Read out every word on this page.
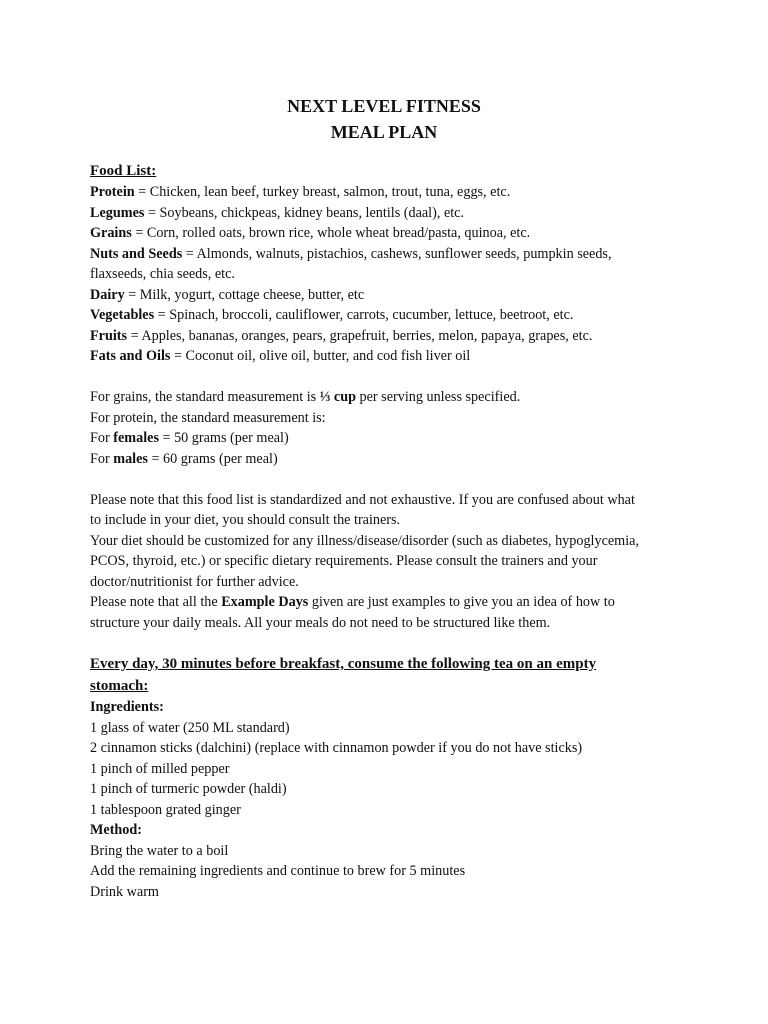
NEXT LEVEL FITNESS
MEAL PLAN
Food List:
Protein = Chicken, lean beef, turkey breast, salmon, trout, tuna, eggs, etc.
Legumes = Soybeans, chickpeas, kidney beans, lentils (daal), etc.
Grains = Corn, rolled oats, brown rice, whole wheat bread/pasta, quinoa, etc.
Nuts and Seeds = Almonds, walnuts, pistachios, cashews, sunflower seeds, pumpkin seeds,
flaxseeds, chia seeds, etc.
Dairy = Milk, yogurt, cottage cheese, butter, etc
Vegetables = Spinach, broccoli, cauliflower, carrots, cucumber, lettuce, beetroot, etc.
Fruits = Apples, bananas, oranges, pears, grapefruit, berries, melon, papaya, grapes, etc.
Fats and Oils = Coconut oil, olive oil, butter, and cod fish liver oil
For grains, the standard measurement is ⅓ cup per serving unless specified.
For protein, the standard measurement is:
For females = 50 grams (per meal)
For males = 60 grams (per meal)
Please note that this food list is standardized and not exhaustive. If you are confused about what
to include in your diet, you should consult the trainers.
Your diet should be customized for any illness/disease/disorder (such as diabetes, hypoglycemia,
PCOS, thyroid, etc.) or specific dietary requirements. Please consult the trainers and your
doctor/nutritionist for further advice.
Please note that all the Example Days given are just examples to give you an idea of how to
structure your daily meals. All your meals do not need to be structured like them.
Every day, 30 minutes before breakfast, consume the following tea on an empty
stomach:
Ingredients:
1 glass of water (250 ML standard)
2 cinnamon sticks (dalchini) (replace with cinnamon powder if you do not have sticks)
1 pinch of milled pepper
1 pinch of turmeric powder (haldi)
1 tablespoon grated ginger
Method:
Bring the water to a boil
Add the remaining ingredients and continue to brew for 5 minutes
Drink warm
